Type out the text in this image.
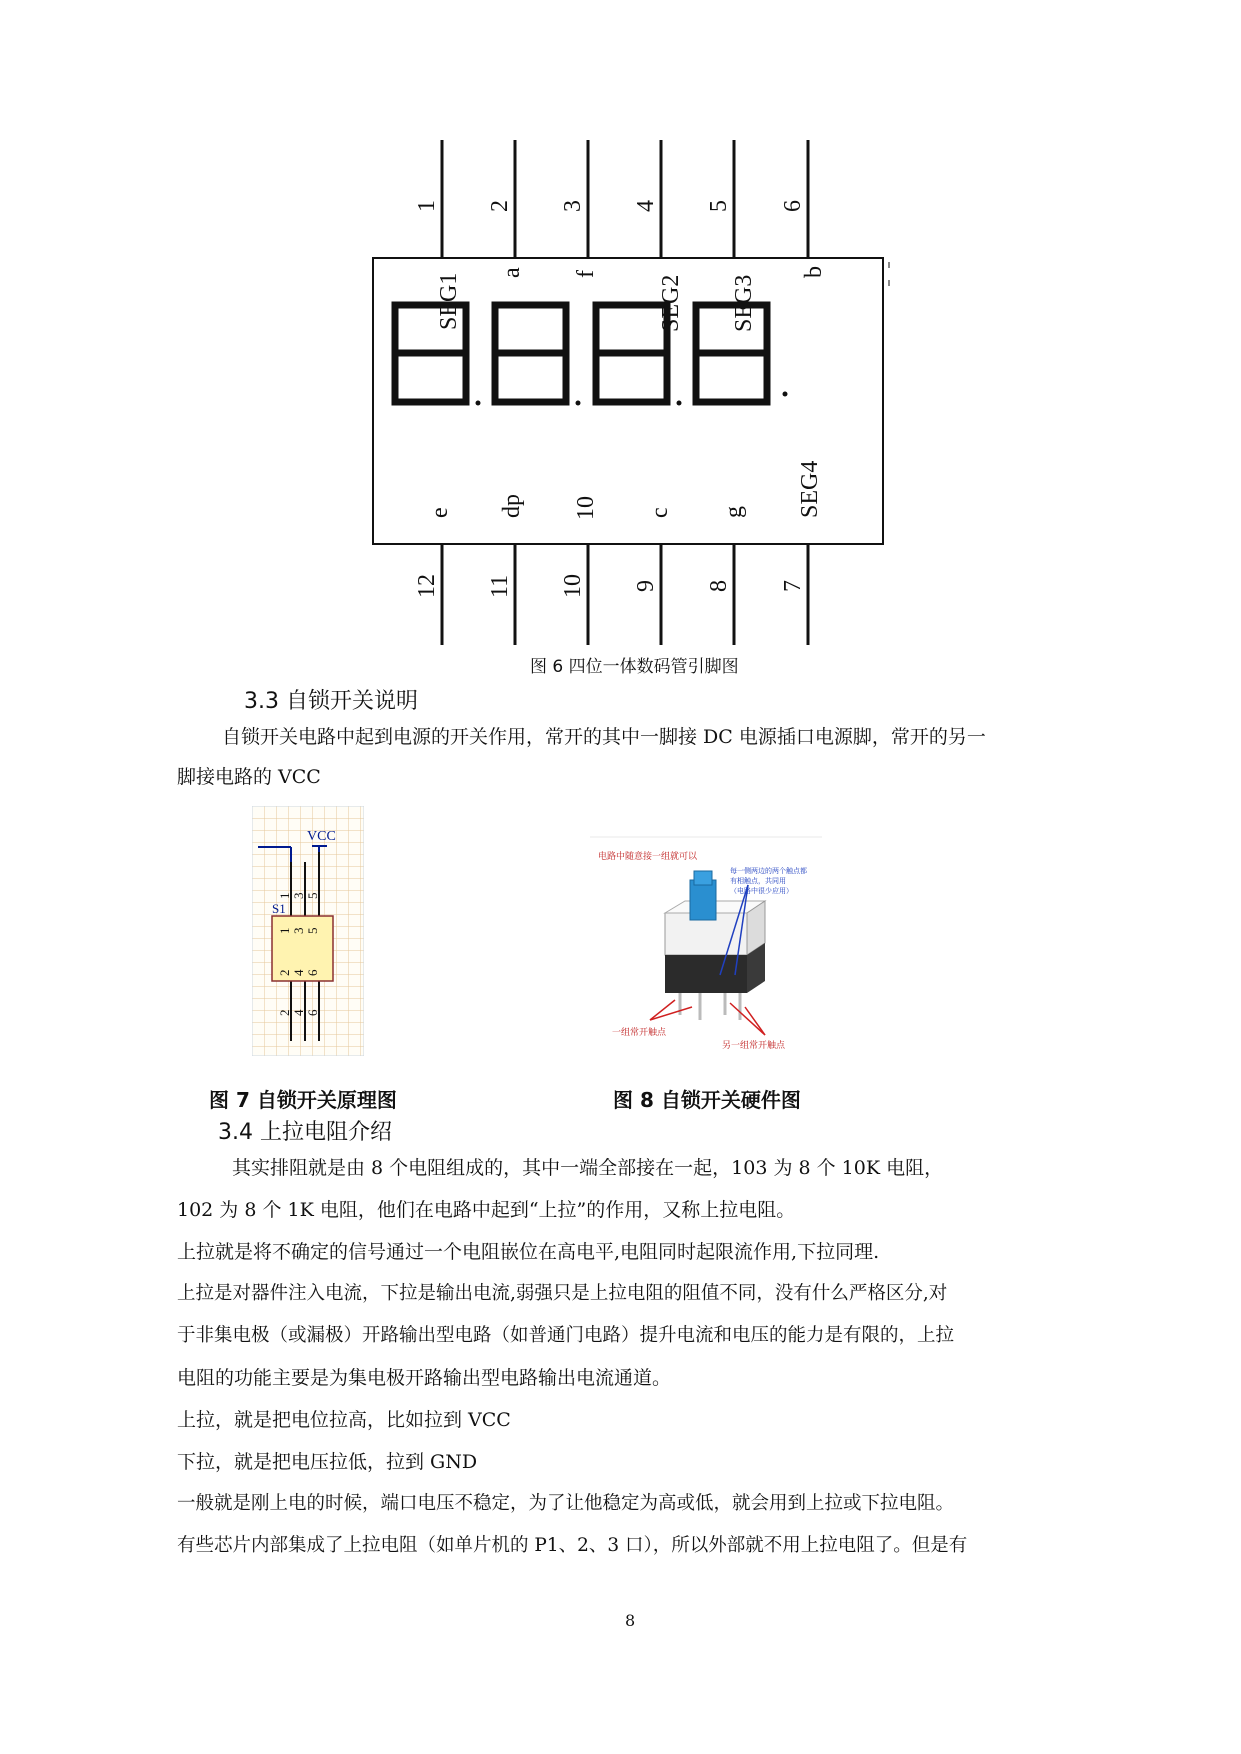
1 2 3 4 5 6
SEG1 a f
SEG2 SEG3
b
e dp 10 c g SEG4
12 11 10 9 8 7
图 6 四位一体数码管引脚图
3.3 自锁开关说明
自锁开关电路中起到电源的开关作用，常开的其中一脚接 DC 电源插口电源脚，常开的另一
脚接电路的 VCC
VCC
S1
1 3 5
1 3 5
2 4 6
2 4 6
电路中随意接一组就可以
每一侧两边的两个触点都
有相触点，共同用
（电路中很少应用）
一组常开触点
另一组常开触点
图 7 自锁开关原理图	图 8 自锁开关硬件图
3.4 上拉电阻介绍
其实排阻就是由 8 个电阻组成的，其中一端全部接在一起，103 为 8 个 10K 电阻，
102 为 8 个 1K 电阻，他们在电路中起到“上拉”的作用，又称上拉电阻。
上拉就是将不确定的信号通过一个电阻嵌位在高电平,电阻同时起限流作用,下拉同理.
上拉是对器件注入电流，下拉是输出电流,弱强只是上拉电阻的阻值不同，没有什么严格区分,对
于非集电极（或漏极）开路输出型电路（如普通门电路）提升电流和电压的能力是有限的，上拉
电阻的功能主要是为集电极开路输出型电路输出电流通道。
上拉，就是把电位拉高，比如拉到 VCC
下拉，就是把电压拉低，拉到 GND
一般就是刚上电的时候，端口电压不稳定，为了让他稳定为高或低，就会用到上拉或下拉电阻。
有些芯片内部集成了上拉电阻（如单片机的 P1、2、3 口），所以外部就不用上拉电阻了。但是有
8
